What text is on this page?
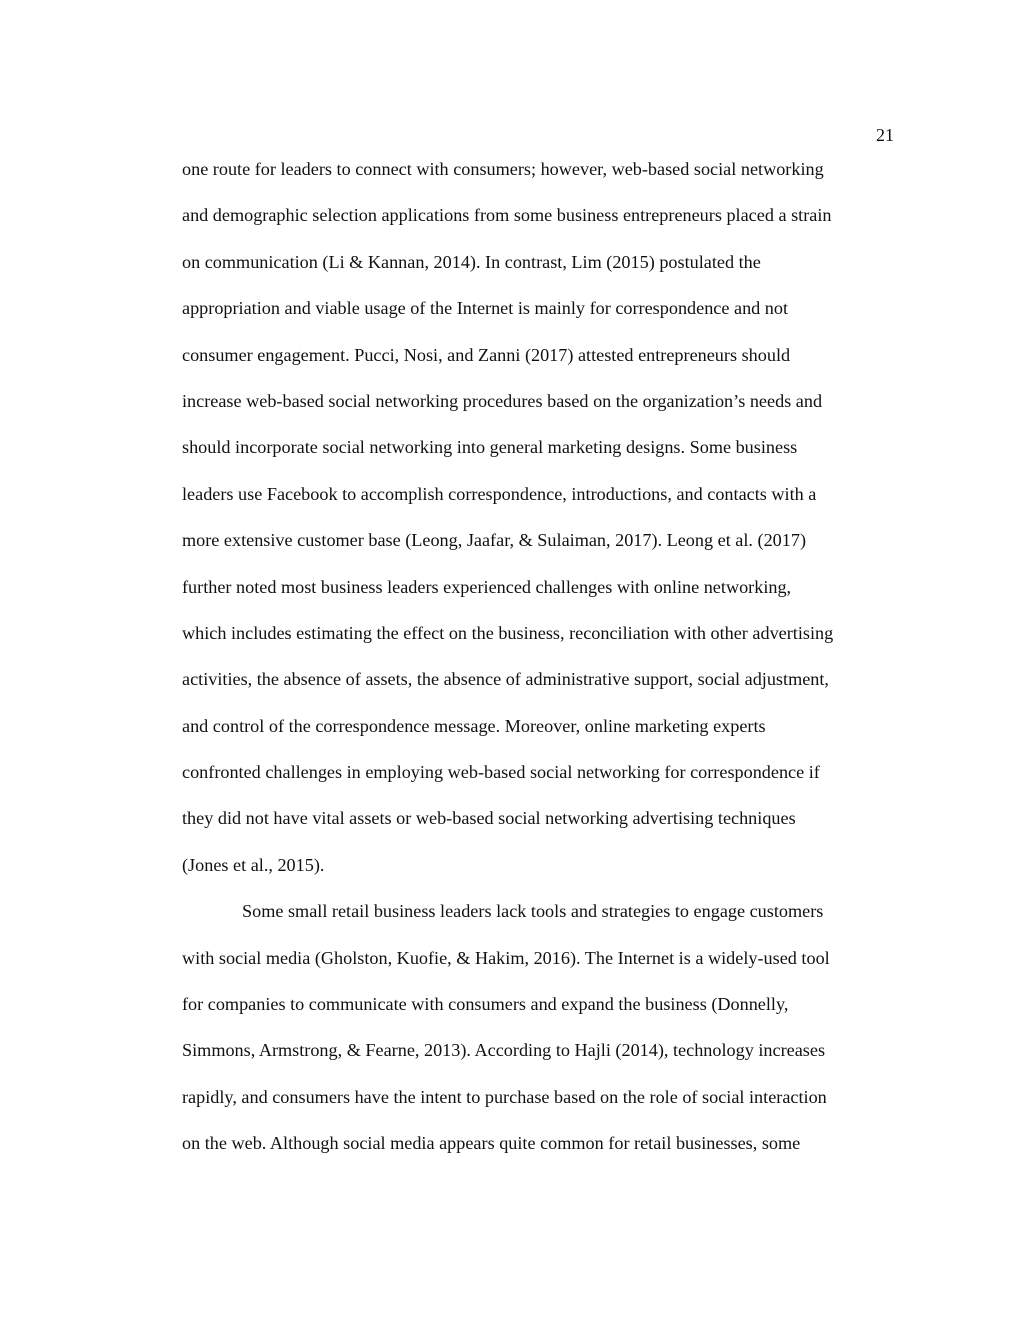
21
one route for leaders to connect with consumers; however, web-based social networking
and demographic selection applications from some business entrepreneurs placed a strain
on communication (Li & Kannan, 2014). In contrast, Lim (2015) postulated the
appropriation and viable usage of the Internet is mainly for correspondence and not
consumer engagement. Pucci, Nosi, and Zanni (2017) attested entrepreneurs should
increase web-based social networking procedures based on the organization’s needs and
should incorporate social networking into general marketing designs. Some business
leaders use Facebook to accomplish correspondence, introductions, and contacts with a
more extensive customer base (Leong, Jaafar, & Sulaiman, 2017). Leong et al. (2017)
further noted most business leaders experienced challenges with online networking,
which includes estimating the effect on the business, reconciliation with other advertising
activities, the absence of assets, the absence of administrative support, social adjustment,
and control of the correspondence message. Moreover, online marketing experts
confronted challenges in employing web-based social networking for correspondence if
they did not have vital assets or web-based social networking advertising techniques
(Jones et al., 2015).
Some small retail business leaders lack tools and strategies to engage customers
with social media (Gholston, Kuofie, & Hakim, 2016). The Internet is a widely-used tool
for companies to communicate with consumers and expand the business (Donnelly,
Simmons, Armstrong, & Fearne, 2013). According to Hajli (2014), technology increases
rapidly, and consumers have the intent to purchase based on the role of social interaction
on the web. Although social media appears quite common for retail businesses, some
